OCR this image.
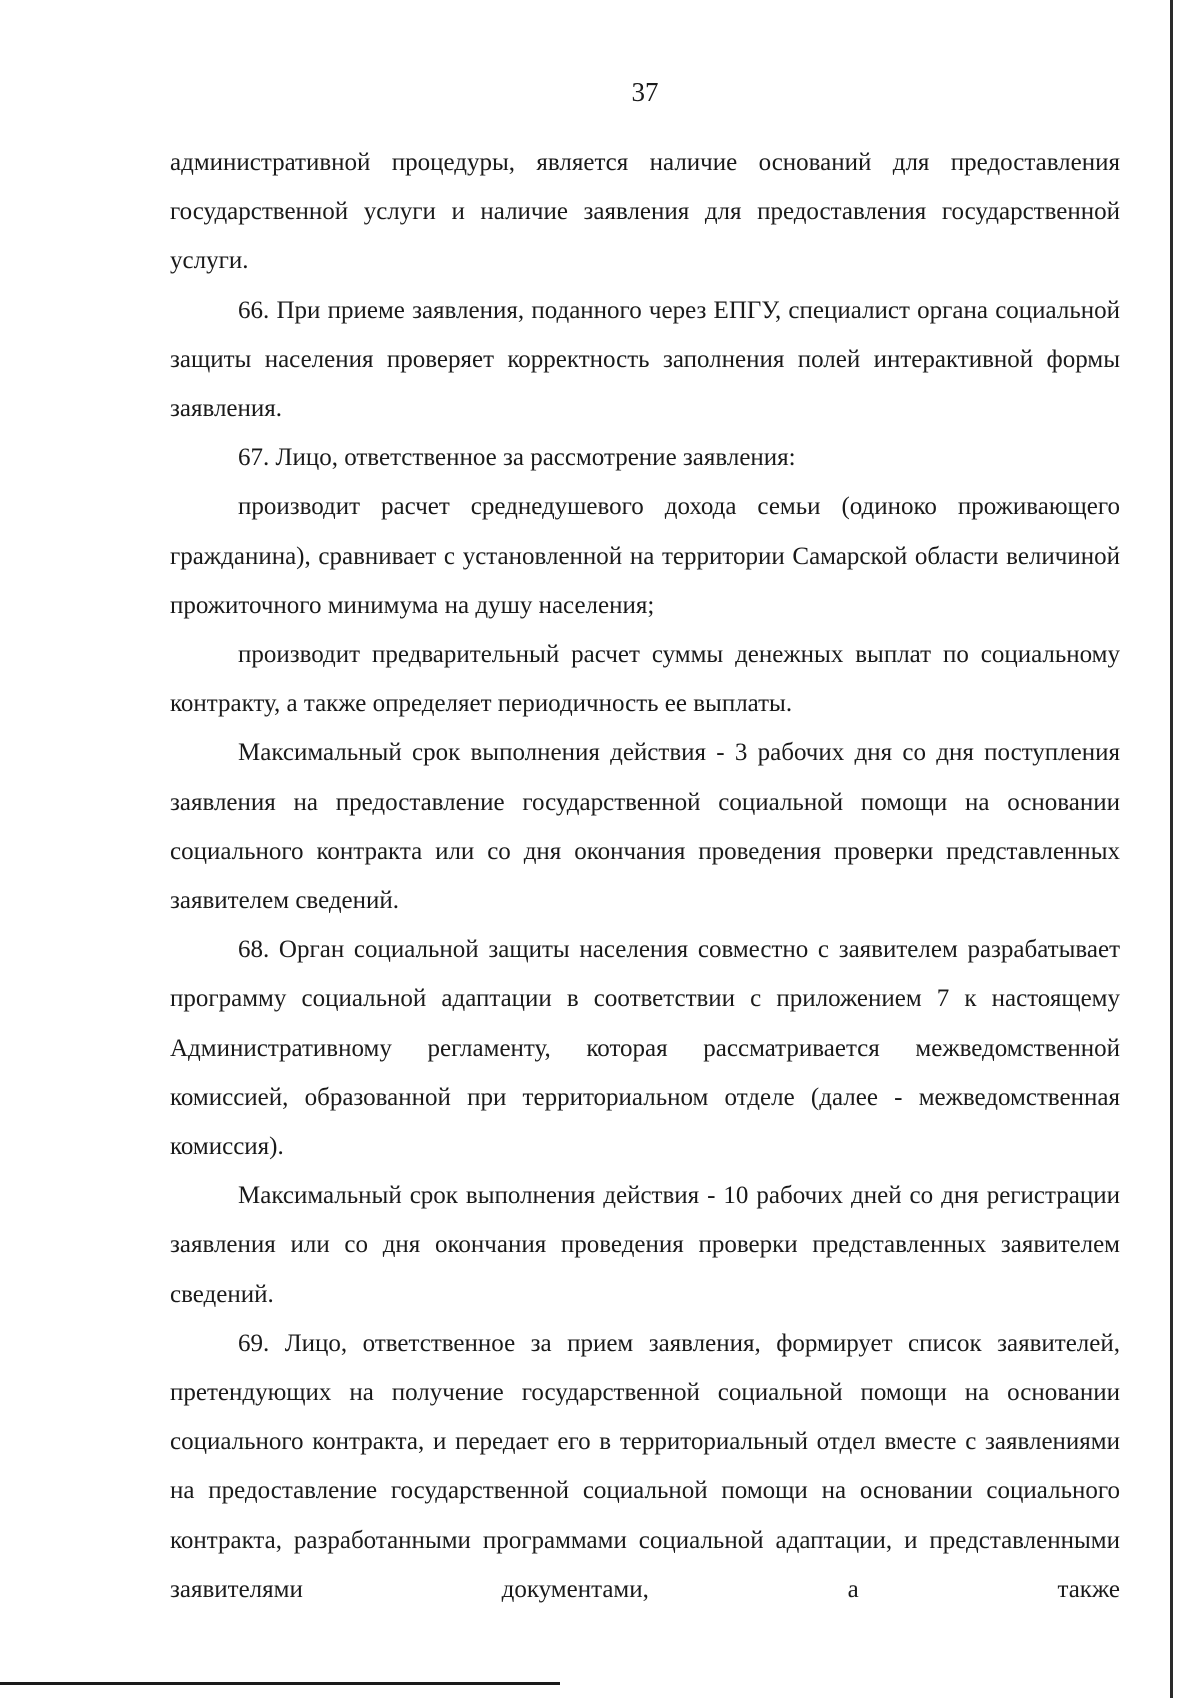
37

административной процедуры, является наличие оснований для предоставления государственной услуги и наличие заявления для предоставления государственной услуги.

66. При приеме заявления, поданного через ЕПГУ, специалист органа социальной защиты населения проверяет корректность заполнения полей интерактивной формы заявления.

67. Лицо, ответственное за рассмотрение заявления:

производит расчет среднедушевого дохода семьи (одиноко проживающего гражданина), сравнивает с установленной на территории Самарской области величиной прожиточного минимума на душу населения;

производит предварительный расчет суммы денежных выплат по социальному контракту, а также определяет периодичность ее выплаты.

Максимальный срок выполнения действия - 3 рабочих дня со дня поступления заявления на предоставление государственной социальной помощи на основании социального контракта или со дня окончания проведения проверки представленных заявителем сведений.

68. Орган социальной защиты населения совместно с заявителем разрабатывает программу социальной адаптации в соответствии с приложением 7 к настоящему Административному регламенту, которая рассматривается межведомственной комиссией, образованной при территориальном отделе (далее - межведомственная комиссия).

Максимальный срок выполнения действия - 10 рабочих дней со дня регистрации заявления или со дня окончания проведения проверки представленных заявителем сведений.

69. Лицо, ответственное за прием заявления, формирует список заявителей, претендующих на получение государственной социальной помощи на основании социального контракта, и передает его в территориальный отдел вместе с заявлениями на предоставление государственной социальной помощи на основании социального контракта, разработанными программами социальной адаптации, и представленными заявителями документами, а также
